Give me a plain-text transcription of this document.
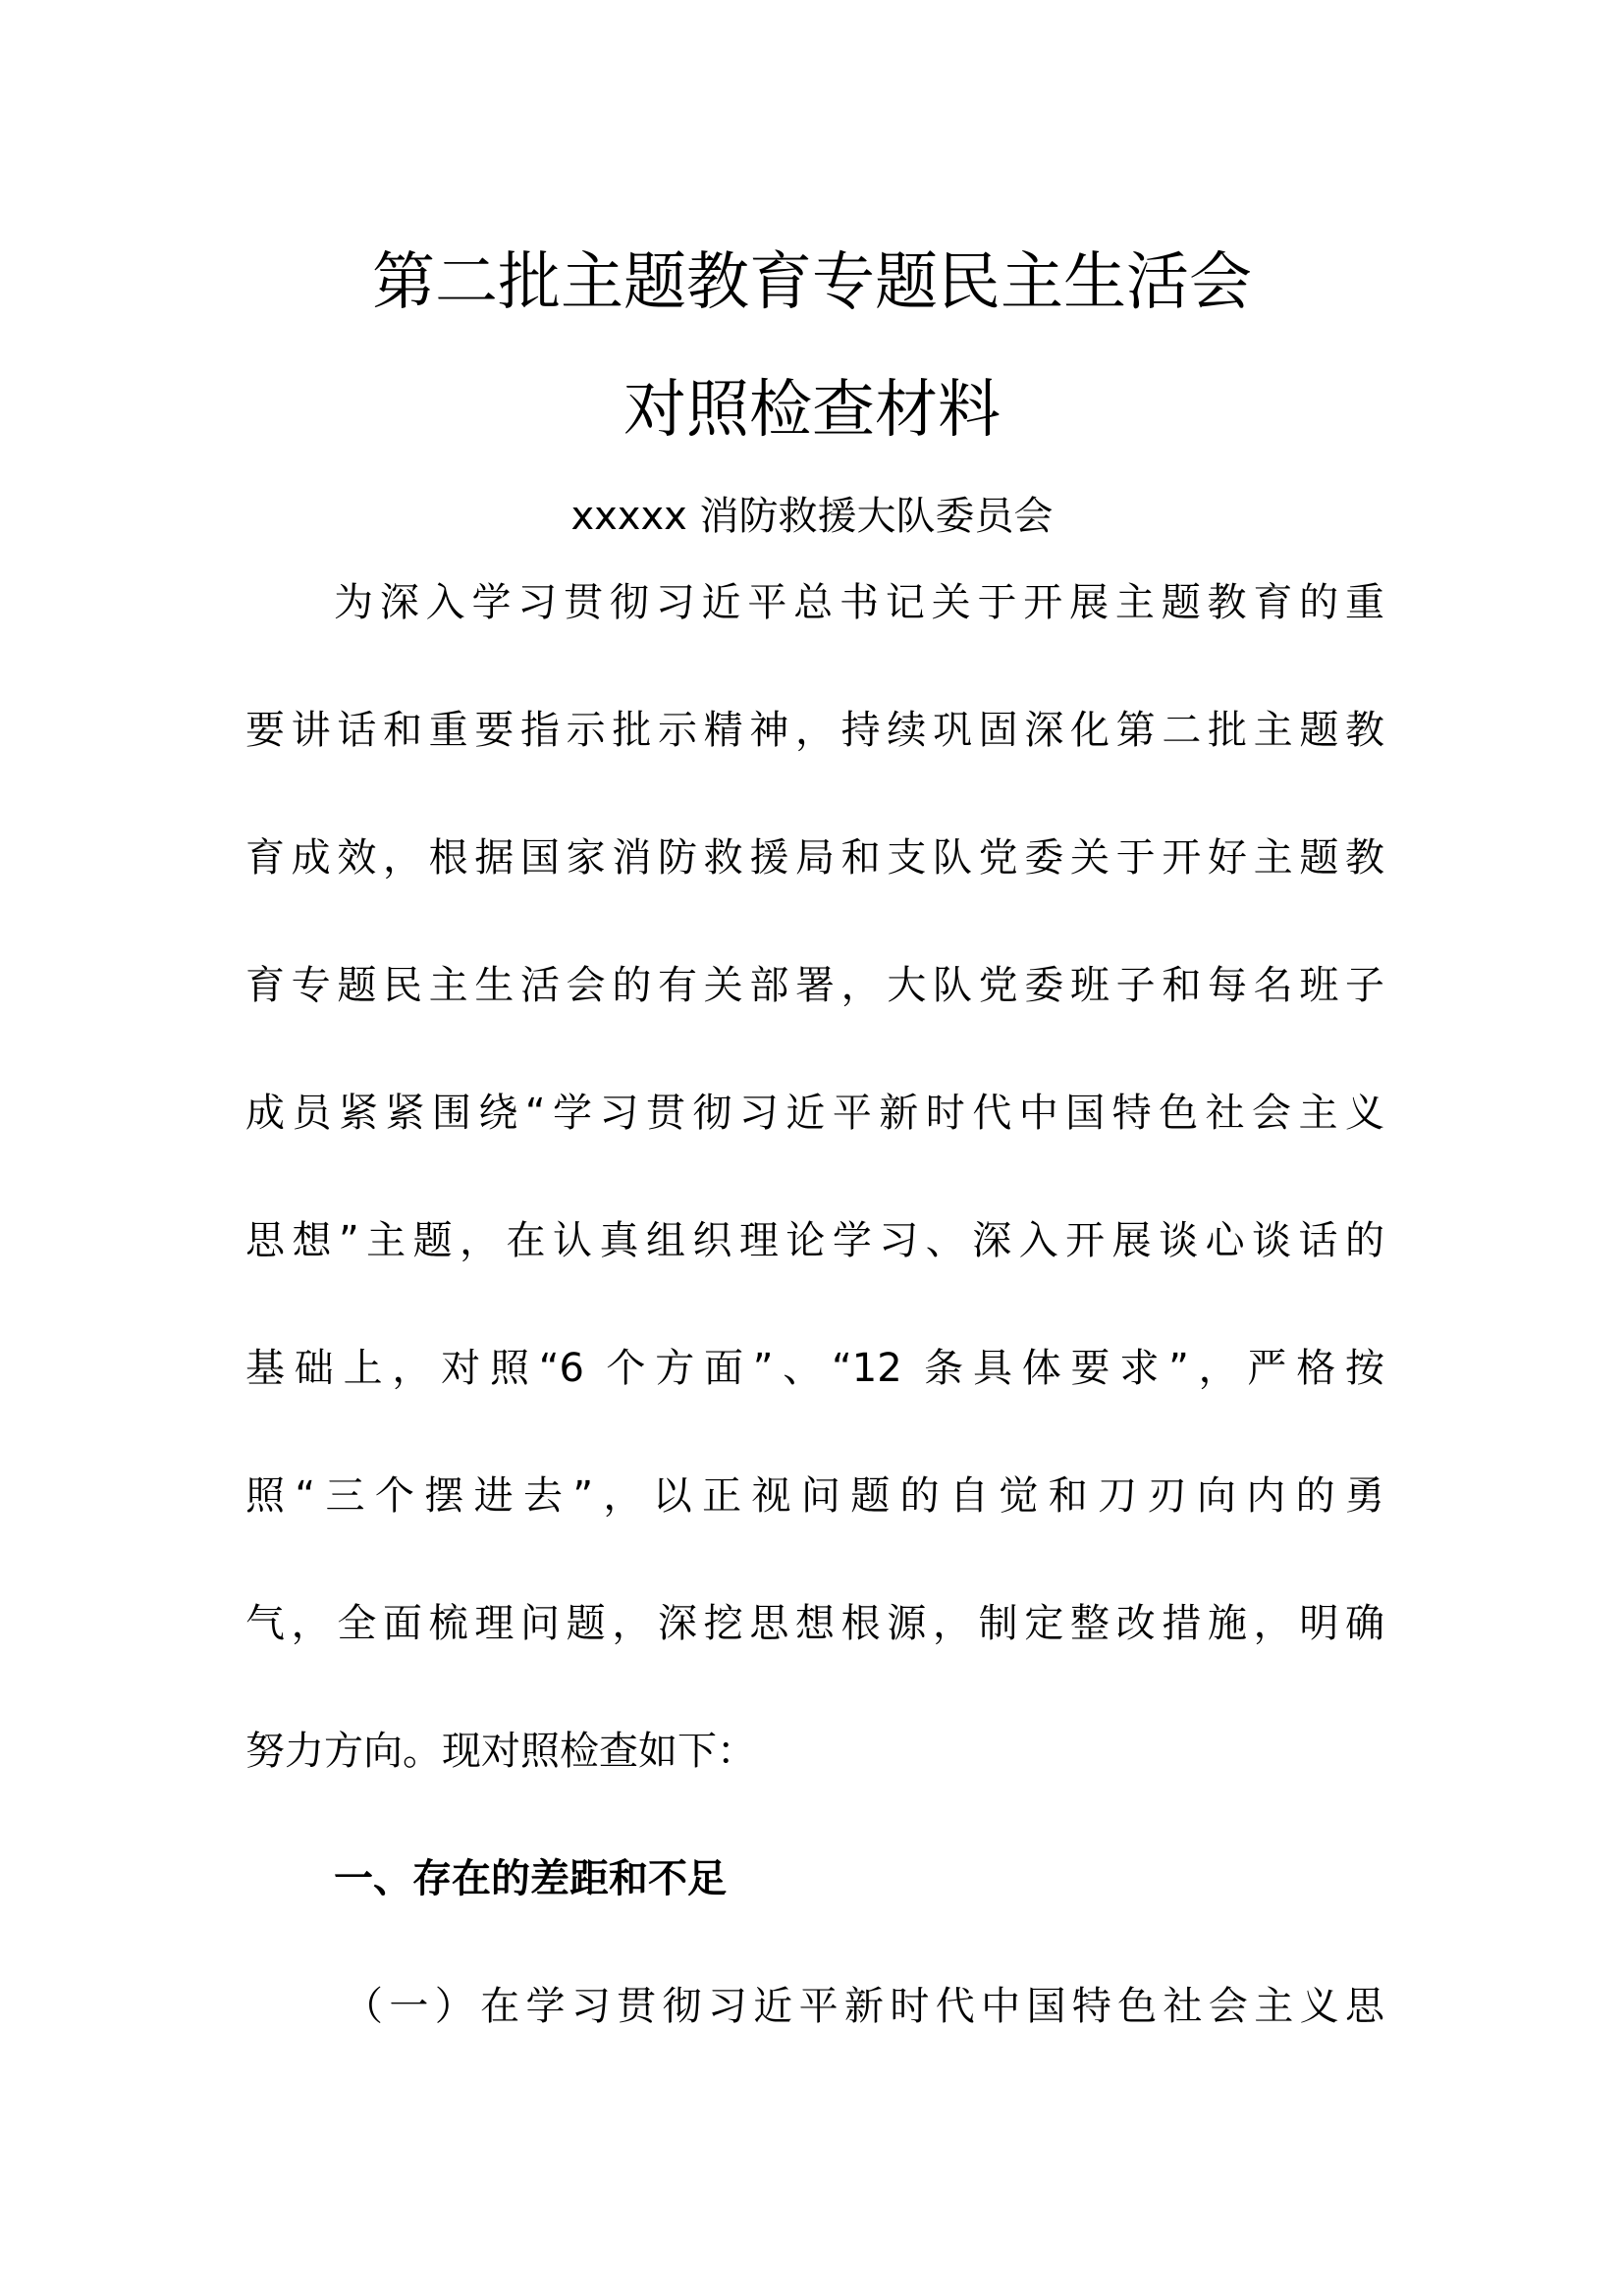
第二批主题教育专题民主生活会
对照检查材料
xxxxx 消防救援大队委员会
为深入学习贯彻习近平总书记关于开展主题教育的重
要讲话和重要指示批示精神，持续巩固深化第二批主题教
育成效，根据国家消防救援局和支队党委关于开好主题教
育专题民主生活会的有关部署，大队党委班子和每名班子
成员紧紧围绕“学习贯彻习近平新时代中国特色社会主义
思想”主题，在认真组织理论学习、深入开展谈心谈话的
基础上，对照“6 个方面”、“12 条具体要求”，严格按
照“三个摆进去”，以正视问题的自觉和刀刃向内的勇
气，全面梳理问题，深挖思想根源，制定整改措施，明确
努力方向。现对照检查如下：
一、存在的差距和不足
（一）在学习贯彻习近平新时代中国特色社会主义思
